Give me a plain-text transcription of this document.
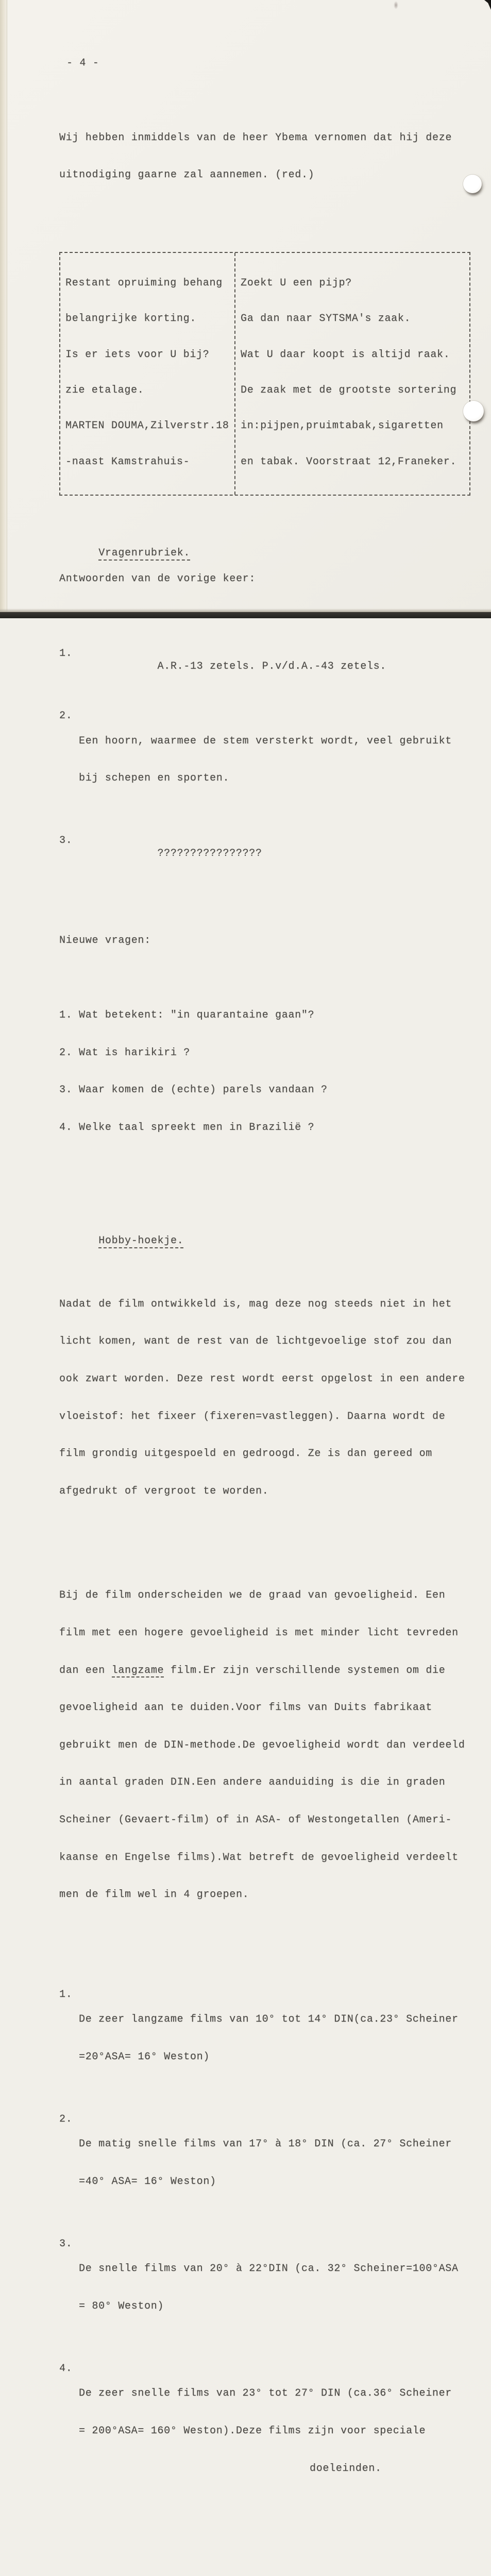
- 4 -

Wij hebben inmiddels van de heer Ybema vernomen dat hij deze

uitnodiging gaarne zal aannemen. (red.)

Restant opruiming behang

belangrijke korting.

Is er iets voor U bij?

zie etalage.

MARTEN DOUMA,Zilverstr.18

-naast Kamstrahuis-

Zoekt U een pijp?

Ga dan naar SYTSMA's zaak.

Wat U daar koopt is altijd raak.

De zaak met de grootste sortering

in:pijpen,pruimtabak,sigaretten

en tabak. Voorstraat 12,Franeker.

Vragenrubriek.

Antwoorden van de vorige keer:

1.

A.R.-13 zetels. P.v/d.A.-43 zetels.

2.

Een hoorn, waarmee de stem versterkt wordt, veel gebruikt

bij schepen en sporten.

3.

????????????????

Nieuwe vragen:

1. Wat betekent: "in quarantaine gaan"?

2. Wat is harikiri ?

3. Waar komen de (echte) parels vandaan ?

4. Welke taal spreekt men in Brazilië ?

Hobby-hoekje.

Nadat de film ontwikkeld is, mag deze nog steeds niet in het

licht komen, want de rest van de lichtgevoelige stof zou dan

ook zwart worden. Deze rest wordt eerst opgelost in een andere

vloeistof: het fixeer (fixeren=vastleggen). Daarna wordt de

film grondig uitgespoeld en gedroogd. Ze is dan gereed om

afgedrukt of vergroot te worden.

Bij de film onderscheiden we de graad van gevoeligheid. Een

film met een hogere gevoeligheid is met minder licht tevreden

dan een langzame film.Er zijn verschillende systemen om die

gevoeligheid aan te duiden.Voor films van Duits fabrikaat

gebruikt men de DIN-methode.De gevoeligheid wordt dan verdeeld

in aantal graden DIN.Een andere aanduiding is die in graden

Scheiner (Gevaert-film) of in ASA- of Westongetallen (Ameri-

kaanse en Engelse films).Wat betreft de gevoeligheid verdeelt

men de film wel in 4 groepen.

1.

De zeer langzame films van 10° tot 14° DIN(ca.23° Scheiner

=20°ASA= 16° Weston)

2.

De matig snelle films van 17° à 18° DIN (ca. 27° Scheiner

=40° ASA= 16° Weston)

3.

De snelle films van 20° à 22°DIN (ca. 32° Scheiner=100°ASA

= 80° Weston)

4.

De zeer snelle films van 23° tot 27° DIN (ca.36° Scheiner

= 200°ASA= 160° Weston).Deze films zijn voor speciale

doeleinden.
